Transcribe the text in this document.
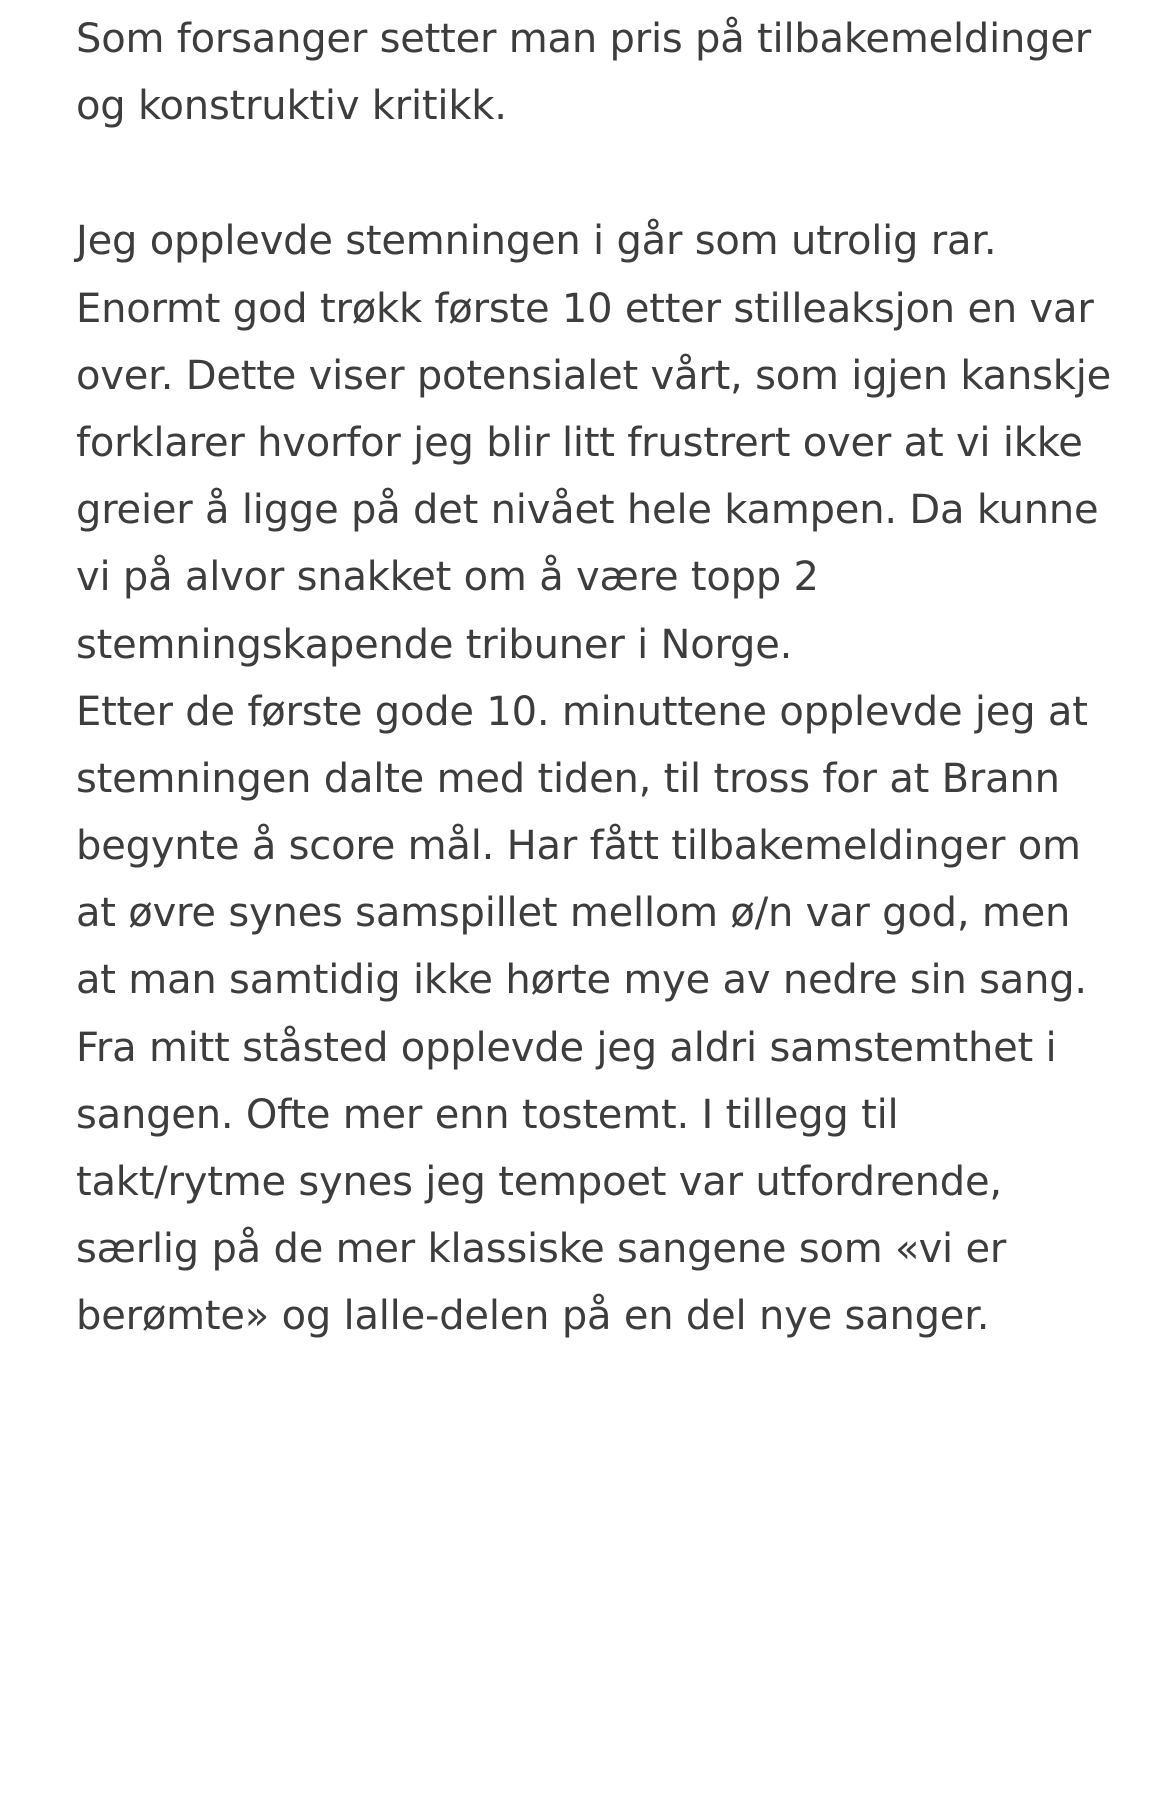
Som forsanger setter man pris på tilbakemeldinger og konstruktiv kritikk.

Jeg opplevde stemningen i går som utrolig rar. Enormt god trøkk første 10 etter stilleaksjon en var over. Dette viser potensialet vårt, som igjen kanskje forklarer hvorfor jeg blir litt frustrert over at vi ikke greier å ligge på det nivået hele kampen. Da kunne vi på alvor snakket om å være topp 2 stemningskapende tribuner i Norge.

Etter de første gode 10. minuttene opplevde jeg at stemningen dalte med tiden, til tross for at Brann begynte å score mål. Har fått tilbakemeldinger om at øvre synes samspillet mellom ø/n var god, men at man samtidig ikke hørte mye av nedre sin sang. Fra mitt ståsted opplevde jeg aldri samstemthet i sangen. Ofte mer enn tostemt. I tillegg til takt/rytme synes jeg tempoet var utfordrende, særlig på de mer klassiske sangene som «vi er berømte» og lalle-delen på en del nye sanger.
